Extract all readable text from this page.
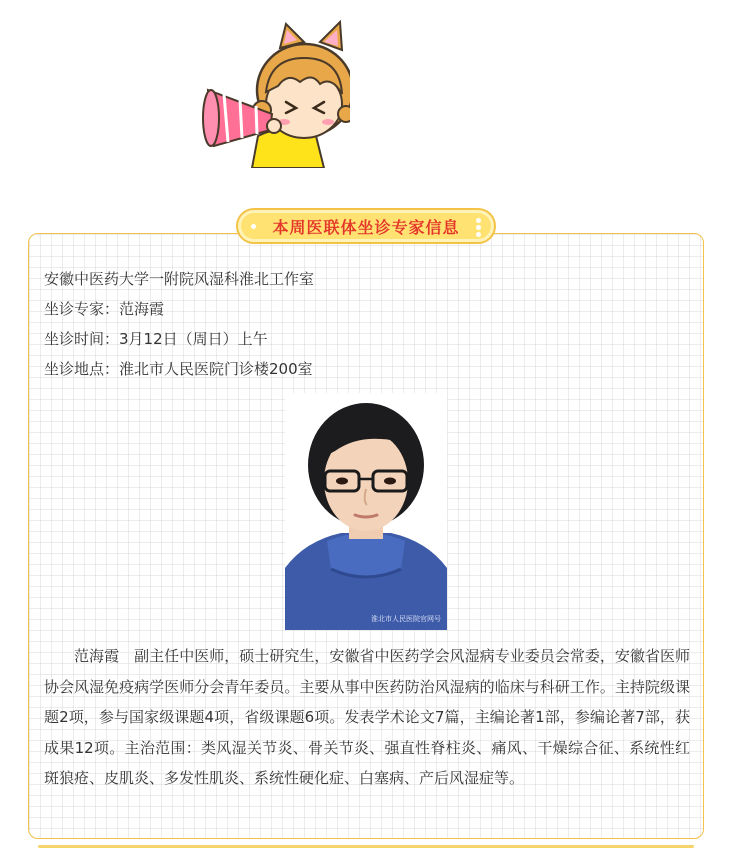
本周医联体坐诊专家信息
安徽中医药大学一附院风湿科淮北工作室
坐诊专家：范海霞
坐诊时间：3月12日（周日）上午
坐诊地点：淮北市人民医院门诊楼200室
淮北市人民医院官网号

范海霞　副主任中医师，硕士研究生，安徽省中医药学会风湿病专业委员会常委，安徽省医师协会风湿免疫病学医师分会青年委员。主要从事中医药防治风湿病的临床与科研工作。主持院级课题2项，参与国家级课题4项，省级课题6项。发表学术论文7篇，主编论著1部，参编论著7部，获成果12项。主治范围：类风湿关节炎、骨关节炎、强直性脊柱炎、痛风、干燥综合征、系统性红斑狼疮、皮肌炎、多发性肌炎、系统性硬化症、白塞病、产后风湿症等。
